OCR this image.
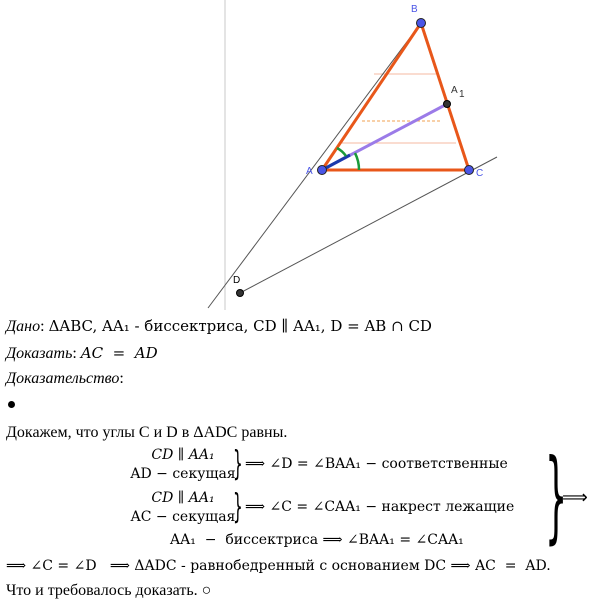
A
B
C
A 1
D
Дано: ΔABC, AA₁ - биссектриса, CD ∥ AA₁, D = AB ∩ CD
Доказать: AC  =  AD
Доказательство:
Докажем, что углы C и D в ΔADC равны.
CD ∥ AA₁
AD − секущая
} ⟹ ∠D = ∠BAA₁ − соответственные
CD ∥ AA₁
AC − секущая
} ⟹ ∠C = ∠CAA₁ − накрест лежащие
AA₁  −  биссектриса ⟹ ∠BAA₁ = ∠CAA₁ }
⟹
⟹ ∠C = ∠D   ⟹ ΔADC - равнобедренный с основанием DC ⟹ AC  =  AD.
Что и требовалось доказать. ○
